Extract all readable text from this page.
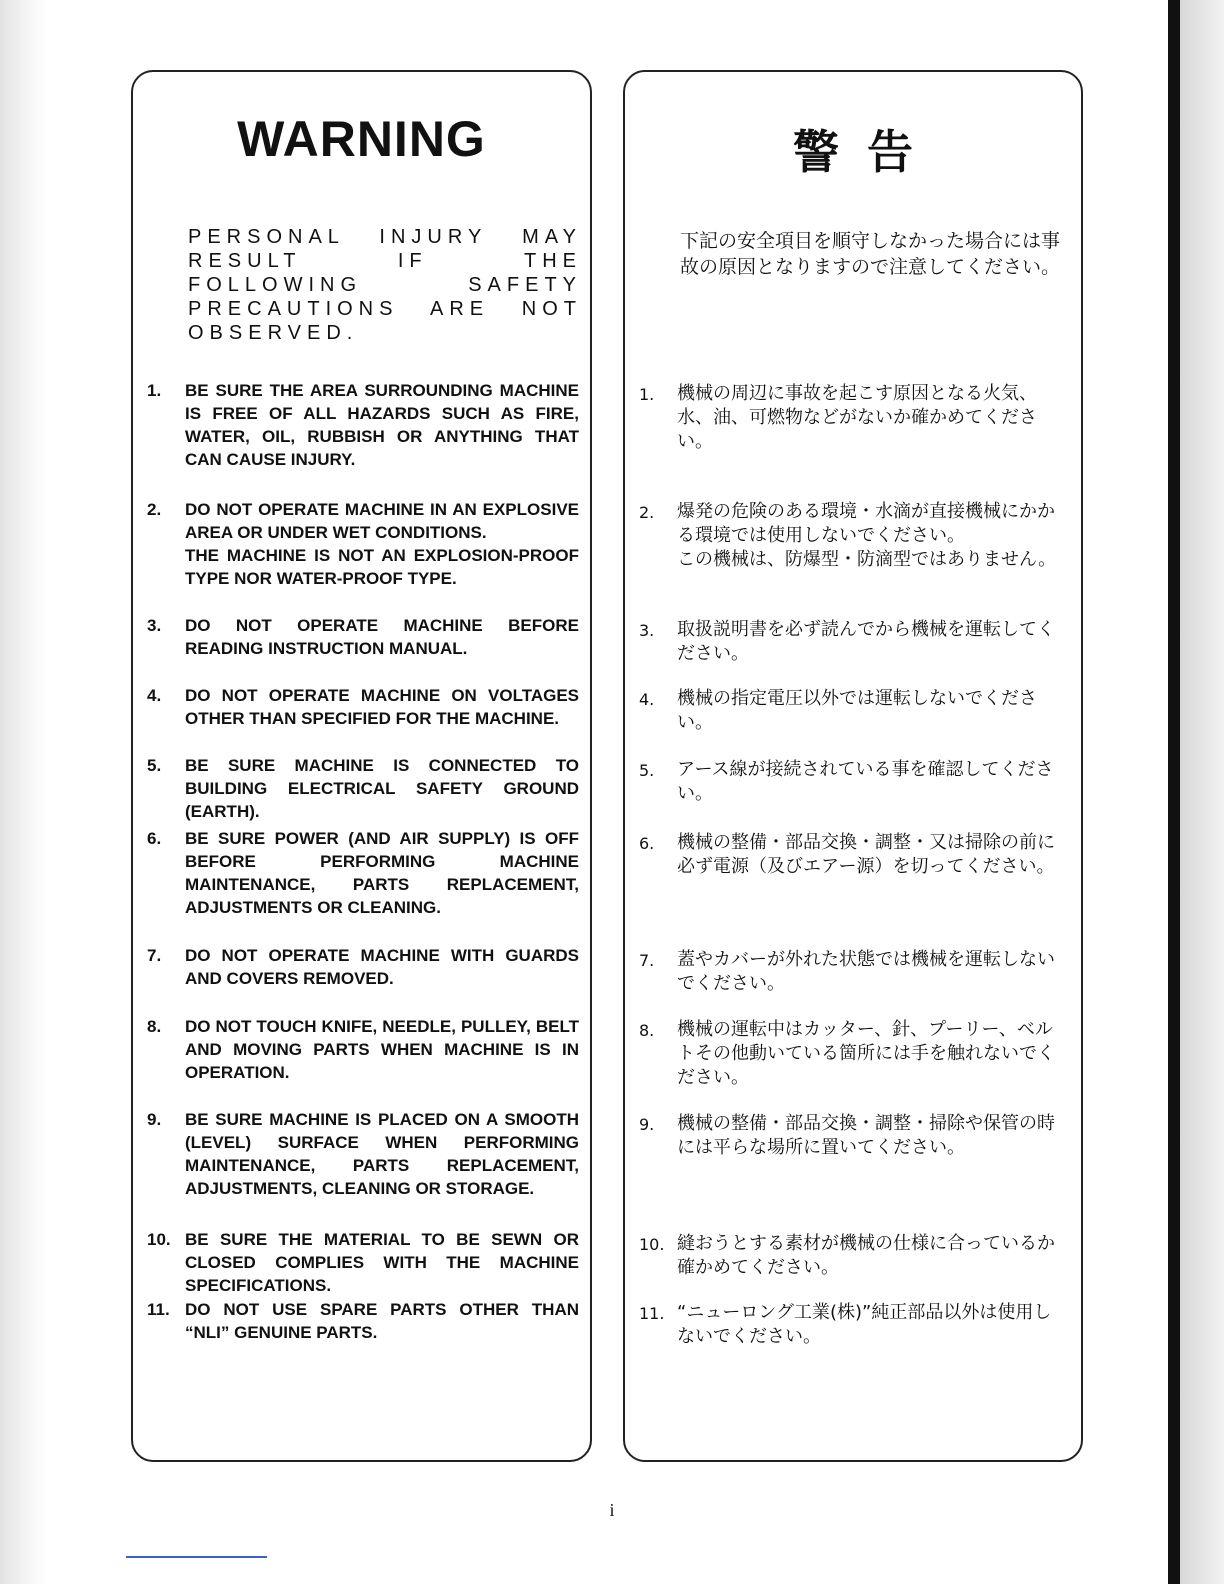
WARNING
PERSONAL INJURY MAY RESULT IF THE FOLLOWING SAFETY PRECAUTIONS ARE NOT OBSERVED.
1.	BE SURE THE AREA SURROUNDING MACHINE IS FREE OF ALL HAZARDS SUCH AS FIRE, WATER, OIL, RUBBISH OR ANYTHING THAT CAN CAUSE INJURY.
2.	DO NOT OPERATE MACHINE IN AN EXPLOSIVE AREA OR UNDER WET CONDITIONS.
THE MACHINE IS NOT AN EXPLOSION-PROOF TYPE NOR WATER-PROOF TYPE.
3.	DO NOT OPERATE MACHINE BEFORE READING INSTRUCTION MANUAL.
4.	DO NOT OPERATE MACHINE ON VOLTAGES OTHER THAN SPECIFIED FOR THE MACHINE.
5.	BE SURE MACHINE IS CONNECTED TO BUILDING ELECTRICAL SAFETY GROUND (EARTH).
6.	BE SURE POWER (AND AIR SUPPLY) IS OFF BEFORE PERFORMING MACHINE MAINTENANCE, PARTS REPLACEMENT, ADJUSTMENTS OR CLEANING.
7.	DO NOT OPERATE MACHINE WITH GUARDS AND COVERS REMOVED.
8.	DO NOT TOUCH KNIFE, NEEDLE, PULLEY, BELT AND MOVING PARTS WHEN MACHINE IS IN OPERATION.
9.	BE SURE MACHINE IS PLACED ON A SMOOTH (LEVEL) SURFACE WHEN PERFORMING MAINTENANCE, PARTS REPLACEMENT, ADJUSTMENTS, CLEANING OR STORAGE.
10. BE SURE THE MATERIAL TO BE SEWN OR CLOSED COMPLIES WITH THE MACHINE SPECIFICATIONS.
11. DO NOT USE SPARE PARTS OTHER THAN “NLI” GENUINE PARTS.
警告
下記の安全項目を順守しなかった場合には事故の原因となりますので注意してください。
1.	機械の周辺に事故を起こす原因となる火気、水、油、可燃物などがないか確かめてください。
2.	爆発の危険のある環境・水滴が直接機械にかかる環境では使用しないでください。
この機械は、防爆型・防滴型ではありません。
3.	取扱説明書を必ず読んでから機械を運転してください。
4.	機械の指定電圧以外では運転しないでください。
5.	アース線が接続されている事を確認してください。
6.	機械の整備・部品交換・調整・又は掃除の前に必ず電源（及びエアー源）を切ってください。
7.	蓋やカバーが外れた状態では機械を運転しないでください。
8.	機械の運転中はカッター、針、プーリー、ベルトその他動いている箇所には手を触れないでください。
9.	機械の整備・部品交換・調整・掃除や保管の時には平らな場所に置いてください。
10. 縫おうとする素材が機械の仕様に合っているか確かめてください。
11. “ニューロング工業(株)”純正部品以外は使用しないでください。
i
